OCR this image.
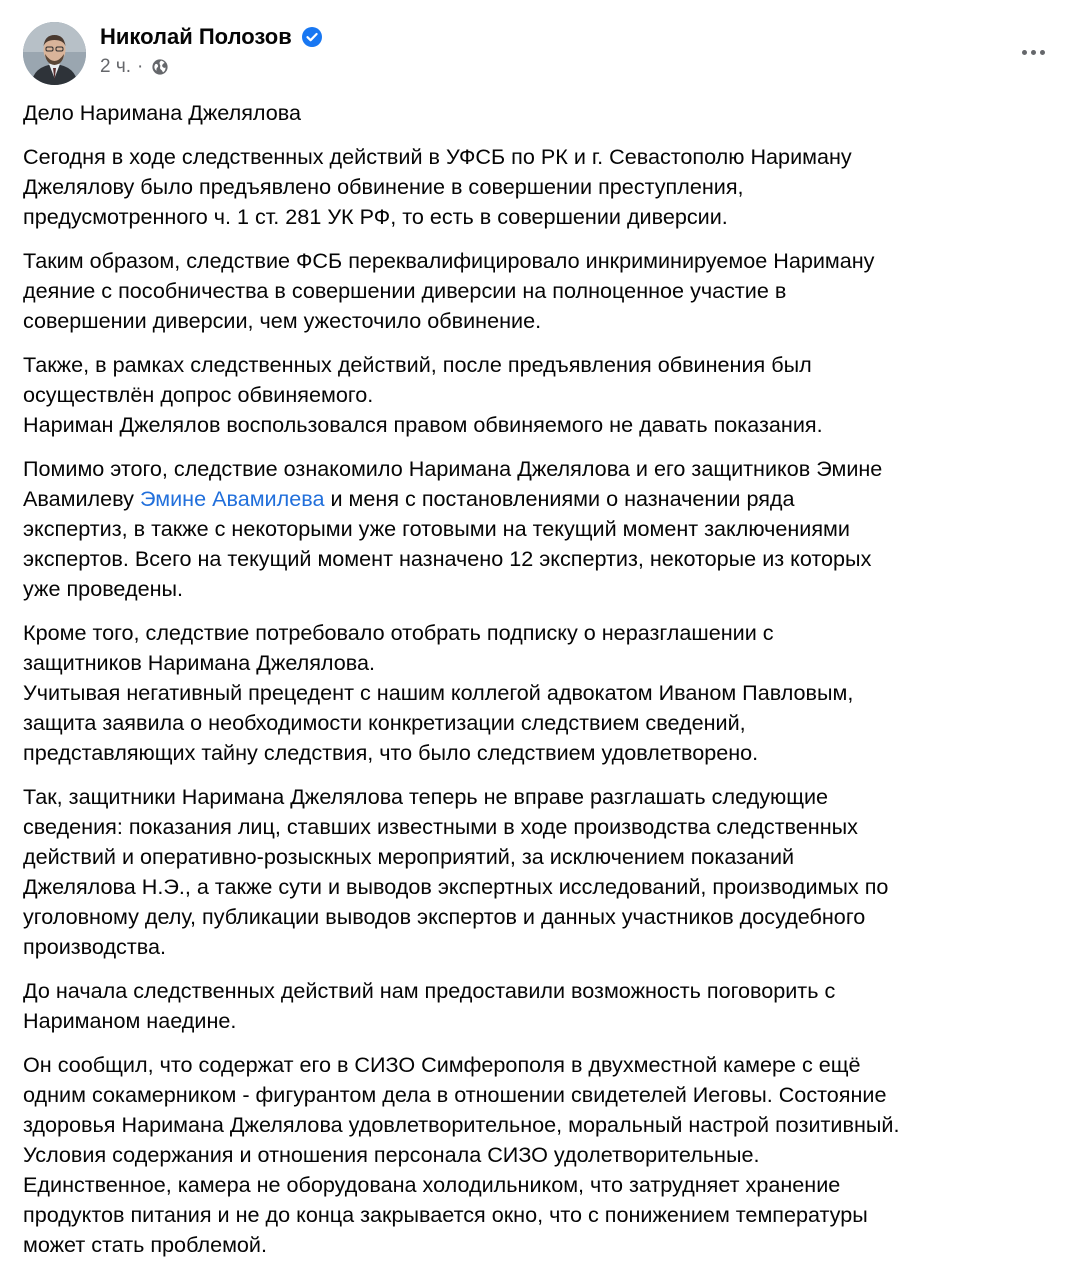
Николай Полозов
2 ч. ·

Дело Наримана Джелялова

Сегодня в ходе следственных действий в УФСБ по РК и г. Севастополю Нариману
Джелялову было предъявлено обвинение в совершении преступления,
предусмотренного ч. 1 ст. 281 УК РФ, то есть в совершении диверсии.

Таким образом, следствие ФСБ переквалифицировало инкриминируемое Нариману
деяние с пособничества в совершении диверсии на полноценное участие в
совершении диверсии, чем ужесточило обвинение.

Также, в рамках следственных действий, после предъявления обвинения был
осуществлён допрос обвиняемого.
Нариман Джелялов воспользовался правом обвиняемого не давать показания.

Помимо этого, следствие ознакомило Наримана Джелялова и его защитников Эмине
Авамилеву Эмине Авамилева и меня с постановлениями о назначении ряда
экспертиз, в также с некоторыми уже готовыми на текущий момент заключениями
экспертов. Всего на текущий момент назначено 12 экспертиз, некоторые из которых
уже проведены.

Кроме того, следствие потребовало отобрать подписку о неразглашении с
защитников Наримана Джелялова.
Учитывая негативный прецедент с нашим коллегой адвокатом Иваном Павловым,
защита заявила о необходимости конкретизации следствием сведений,
представляющих тайну следствия, что было следствием удовлетворено.

Так, защитники Наримана Джелялова теперь не вправе разглашать следующие
сведения: показания лиц, ставших известными в ходе производства следственных
действий и оперативно-розыскных мероприятий, за исключением показаний
Джелялова Н.Э., а также сути и выводов экспертных исследований, производимых по
уголовному делу, публикации выводов экспертов и данных участников досудебного
производства.

До начала следственных действий нам предоставили возможность поговорить с
Нариманом наедине.

Он сообщил, что содержат его в СИЗО Симферополя в двухместной камере с ещё
одним сокамерником - фигурантом дела в отношении свидетелей Иеговы. Состояние
здоровья Наримана Джелялова удовлетворительное, моральный настрой позитивный.
Условия содержания и отношения персонала СИЗО удолетворительные.
Единственное, камера не оборудована холодильником, что затрудняет хранение
продуктов питания и не до конца закрывается окно, что с понижением температуры
может стать проблемой.
